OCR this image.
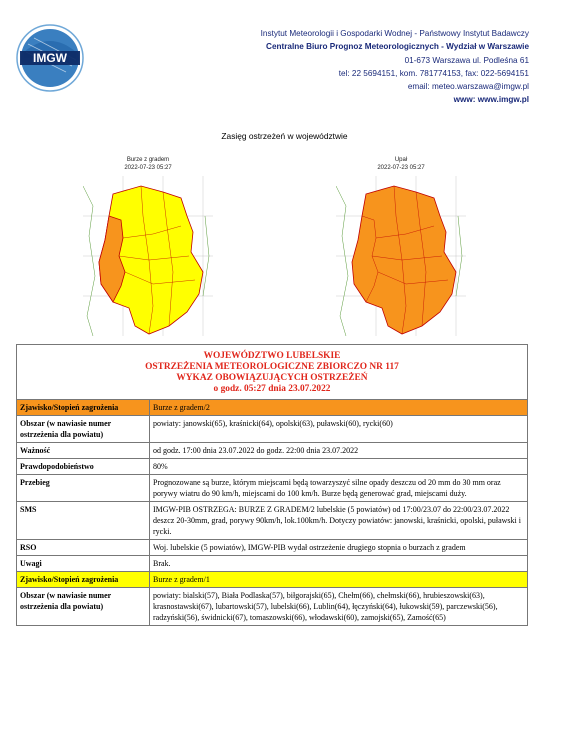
IMGW
Instytut Meteorologii i Gospodarki Wodnej - Państwowy Instytut Badawczy
Centralne Biuro Prognoz Meteorologicznych - Wydział w Warszawie
01-673 Warszawa ul. Podleśna 61
tel: 22 5694151, kom. 781774153, fax: 022-5694151
email: meteo.warszawa@imgw.pl
www: www.imgw.pl
Zasięg ostrzeżeń w województwie
Burze z gradem
2022-07-23 05:27
Upał
2022-07-23 05:27
WOJEWÓDZTWO LUBELSKIE
OSTRZEŻENIA METEOROLOGICZNE ZBIORCZO NR 117
WYKAZ OBOWIĄZUJĄCYCH OSTRZEŻEŃ
o godz. 05:27 dnia 23.07.2022	

Zjawisko/Stopień zagrożenia	Burze z gradem/2
Obszar (w nawiasie numer ostrzeżenia dla powiatu)	powiaty: janowski(65), kraśnicki(64), opolski(63), puławski(60), rycki(60)
Ważność	od godz. 17:00 dnia 23.07.2022 do godz. 22:00 dnia 23.07.2022
Prawdopodobieństwo	80%
Przebieg	Prognozowane są burze, którym miejscami będą towarzyszyć silne opady deszczu od 20 mm do 30 mm oraz porywy wiatru do 90 km/h, miejscami do 100 km/h. Burze będą generować grad, miejscami duży.
SMS	IMGW-PIB OSTRZEGA: BURZE Z GRADEM/2 lubelskie (5 powiatów) od 17:00/23.07 do 22:00/23.07.2022 deszcz 20-30mm, grad, porywy 90km/h, lok.100km/h. Dotyczy powiatów: janowski, kraśnicki, opolski, puławski i rycki.
RSO	Woj. lubelskie (5 powiatów), IMGW-PIB wydał ostrzeżenie drugiego stopnia o burzach z gradem
Uwagi	Brak.
Zjawisko/Stopień zagrożenia	Burze z gradem/1
Obszar (w nawiasie numer ostrzeżenia dla powiatu)	powiaty: bialski(57), Biała Podlaska(57), biłgorajski(65), Chełm(66), chełmski(66), hrubieszowski(63), krasnostawski(67), lubartowski(57), lubelski(66), Lublin(64), łęczyński(64), łukowski(59), parczewski(56), radzyński(56), świdnicki(67), tomaszowski(66), włodawski(60), zamojski(65), Zamość(65)
